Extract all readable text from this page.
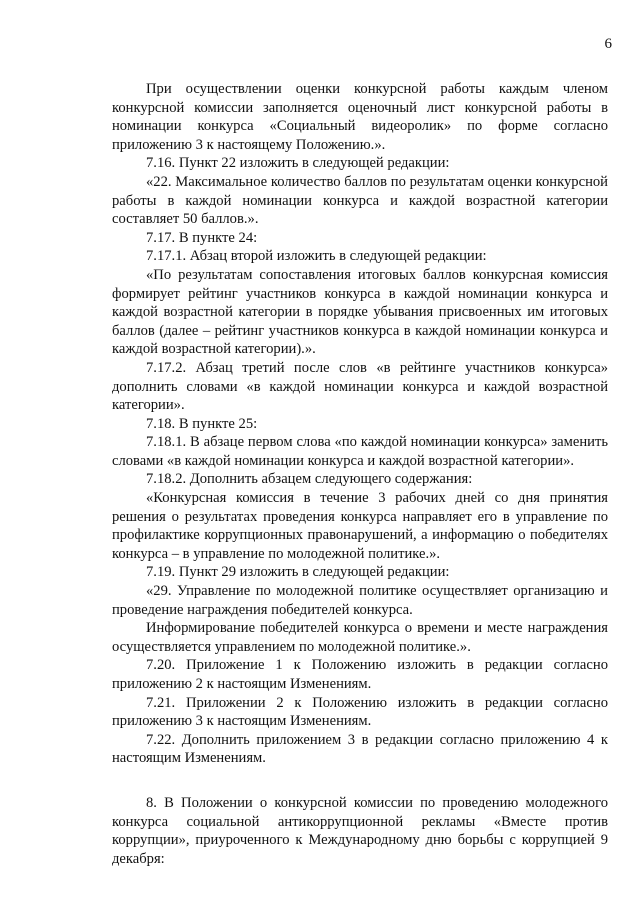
6

При осуществлении оценки конкурсной работы каждым членом конкурсной комиссии заполняется оценочный лист конкурсной работы в номинации конкурса «Социальный видеоролик» по форме согласно приложению 3 к настоящему Положению.».

7.16. Пункт 22 изложить в следующей редакции:

«22. Максимальное количество баллов по результатам оценки конкурсной работы в каждой номинации конкурса и каждой возрастной категории составляет 50 баллов.».

7.17. В пункте 24:

7.17.1. Абзац второй изложить в следующей редакции:

«По результатам сопоставления итоговых баллов конкурсная комиссия формирует рейтинг участников конкурса в каждой номинации конкурса и каждой возрастной категории в порядке убывания присвоенных им итоговых баллов (далее – рейтинг участников конкурса в каждой номинации конкурса и каждой возрастной категории).».

7.17.2. Абзац третий после слов «в рейтинге участников конкурса» дополнить словами «в каждой номинации конкурса и каждой возрастной категории».

7.18. В пункте 25:

7.18.1. В абзаце первом слова «по каждой номинации конкурса» заменить словами «в каждой номинации конкурса и каждой возрастной категории».

7.18.2. Дополнить абзацем следующего содержания:

«Конкурсная комиссия в течение 3 рабочих дней со дня принятия решения о результатах проведения конкурса направляет его в управление по профилактике коррупционных правонарушений, а информацию о победителях конкурса – в управление по молодежной политике.».

7.19. Пункт 29 изложить в следующей редакции:

«29. Управление по молодежной политике осуществляет организацию и проведение награждения победителей конкурса.

Информирование победителей конкурса о времени и месте награждения осуществляется управлением по молодежной политике.».

7.20. Приложение 1 к Положению изложить в редакции согласно приложению 2 к настоящим Изменениям.

7.21. Приложении 2 к Положению изложить в редакции согласно приложению 3 к настоящим Изменениям.

7.22. Дополнить приложением 3 в редакции согласно приложению 4 к настоящим Изменениям.

8. В Положении о конкурсной комиссии по проведению молодежного конкурса социальной антикоррупционной рекламы «Вместе против коррупции», приуроченного к Международному дню борьбы с коррупцией 9 декабря:
